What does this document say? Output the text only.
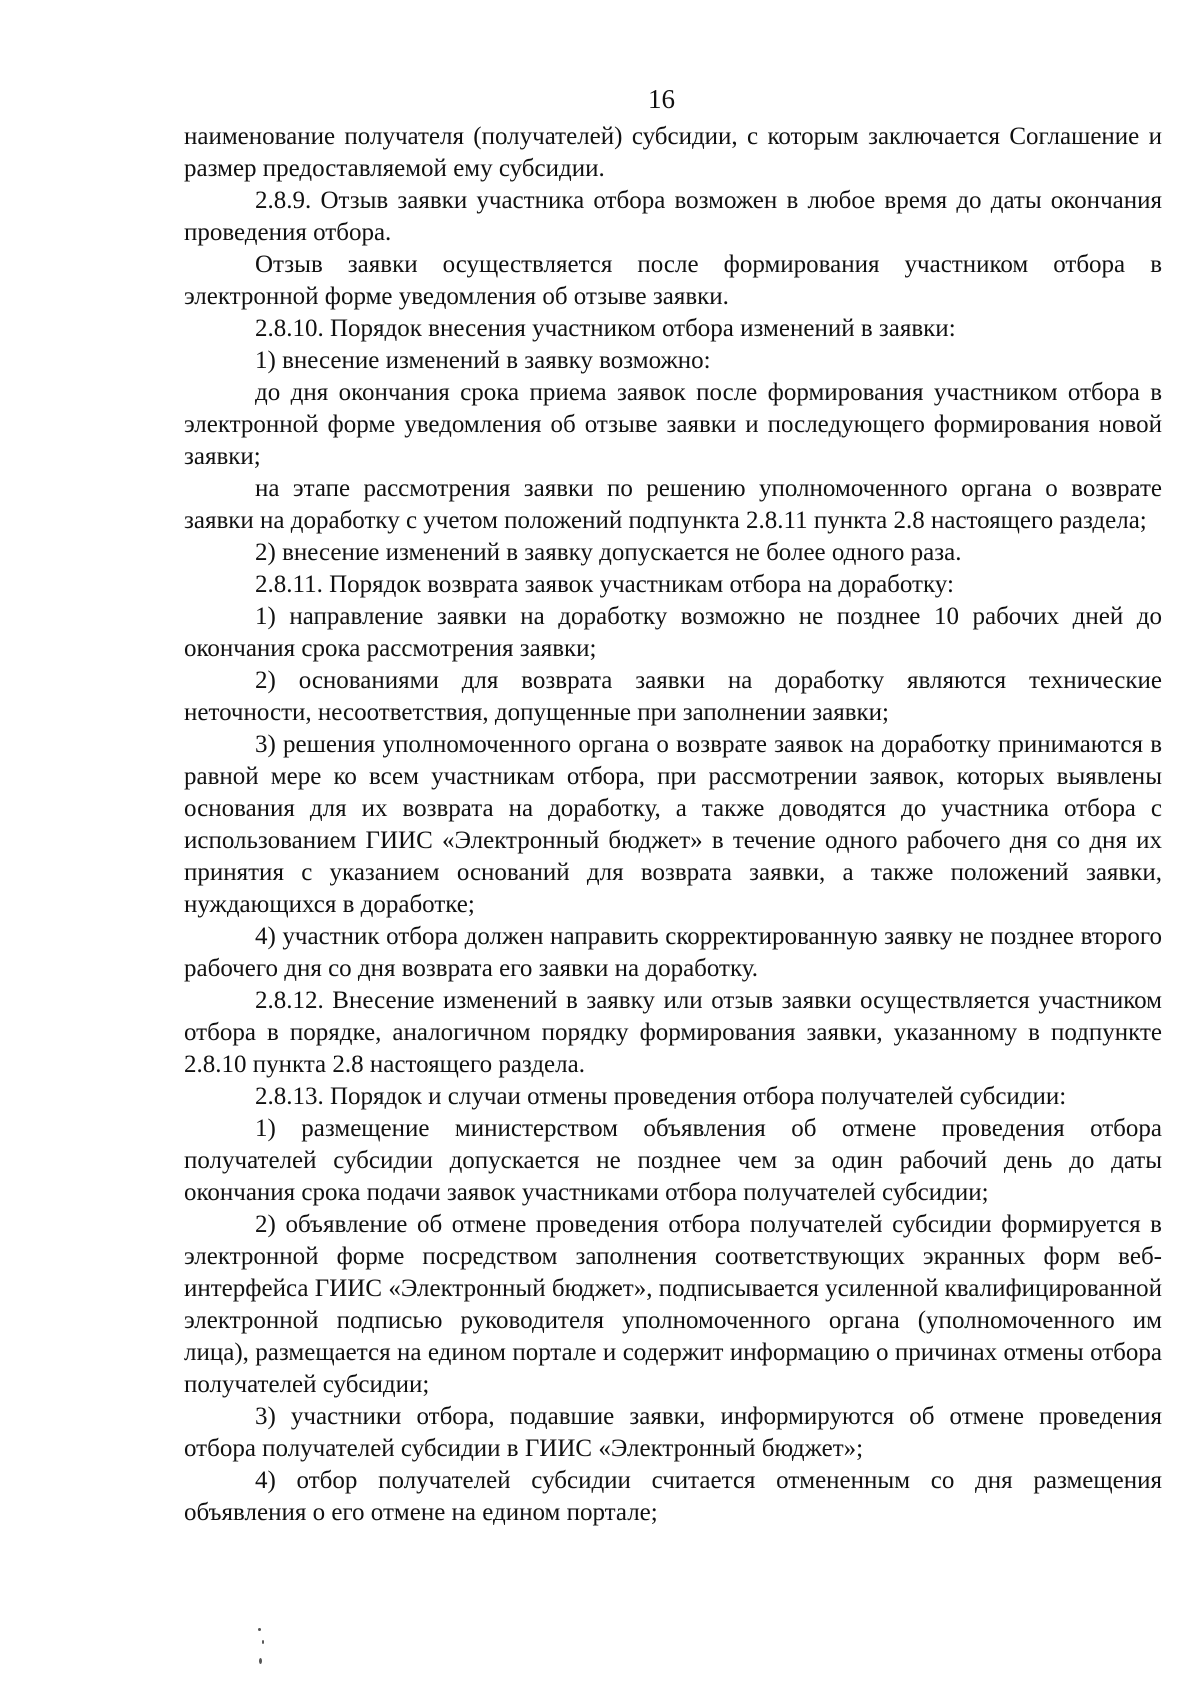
16

наименование получателя (получателей) субсидии, с которым заключается Соглашение и размер предоставляемой ему субсидии.

2.8.9. Отзыв заявки участника отбора возможен в любое время до даты окончания проведения отбора.

Отзыв заявки осуществляется после формирования участником отбора в электронной форме уведомления об отзыве заявки.

2.8.10. Порядок внесения участником отбора изменений в заявки:

1) внесение изменений в заявку возможно:

до дня окончания срока приема заявок после формирования участником отбора в электронной форме уведомления об отзыве заявки и последующего формирования новой заявки;

на этапе рассмотрения заявки по решению уполномоченного органа о возврате заявки на доработку с учетом положений подпункта 2.8.11 пункта 2.8 настоящего раздела;

2) внесение изменений в заявку допускается не более одного раза.

2.8.11. Порядок возврата заявок участникам отбора на доработку:

1) направление заявки на доработку возможно не позднее 10 рабочих дней до окончания срока рассмотрения заявки;

2) основаниями для возврата заявки на доработку являются технические неточности, несоответствия, допущенные при заполнении заявки;

3) решения уполномоченного органа о возврате заявок на доработку принимаются в равной мере ко всем участникам отбора, при рассмотрении заявок, которых выявлены основания для их возврата на доработку, а также доводятся до участника отбора с использованием ГИИС «Электронный бюджет» в течение одного рабочего дня со дня их принятия с указанием оснований для возврата заявки, а также положений заявки, нуждающихся в доработке;

4) участник отбора должен направить скорректированную заявку не позднее второго рабочего дня со дня возврата его заявки на доработку.

2.8.12. Внесение изменений в заявку или отзыв заявки осуществляется участником отбора в порядке, аналогичном порядку формирования заявки, указанному в подпункте 2.8.10 пункта 2.8 настоящего раздела.

2.8.13. Порядок и случаи отмены проведения отбора получателей субсидии:

1) размещение министерством объявления об отмене проведения отбора получателей субсидии допускается не позднее чем за один рабочий день до даты окончания срока подачи заявок участниками отбора получателей субсидии;

2) объявление об отмене проведения отбора получателей субсидии формируется в электронной форме посредством заполнения соответствующих экранных форм веб-интерфейса ГИИС «Электронный бюджет», подписывается усиленной квалифицированной электронной подписью руководителя уполномоченного органа (уполномоченного им лица), размещается на едином портале и содержит информацию о причинах отмены отбора получателей субсидии;

3) участники отбора, подавшие заявки, информируются об отмене проведения отбора получателей субсидии в ГИИС «Электронный бюджет»;

4) отбор получателей субсидии считается отмененным со дня размещения объявления о его отмене на едином портале;
